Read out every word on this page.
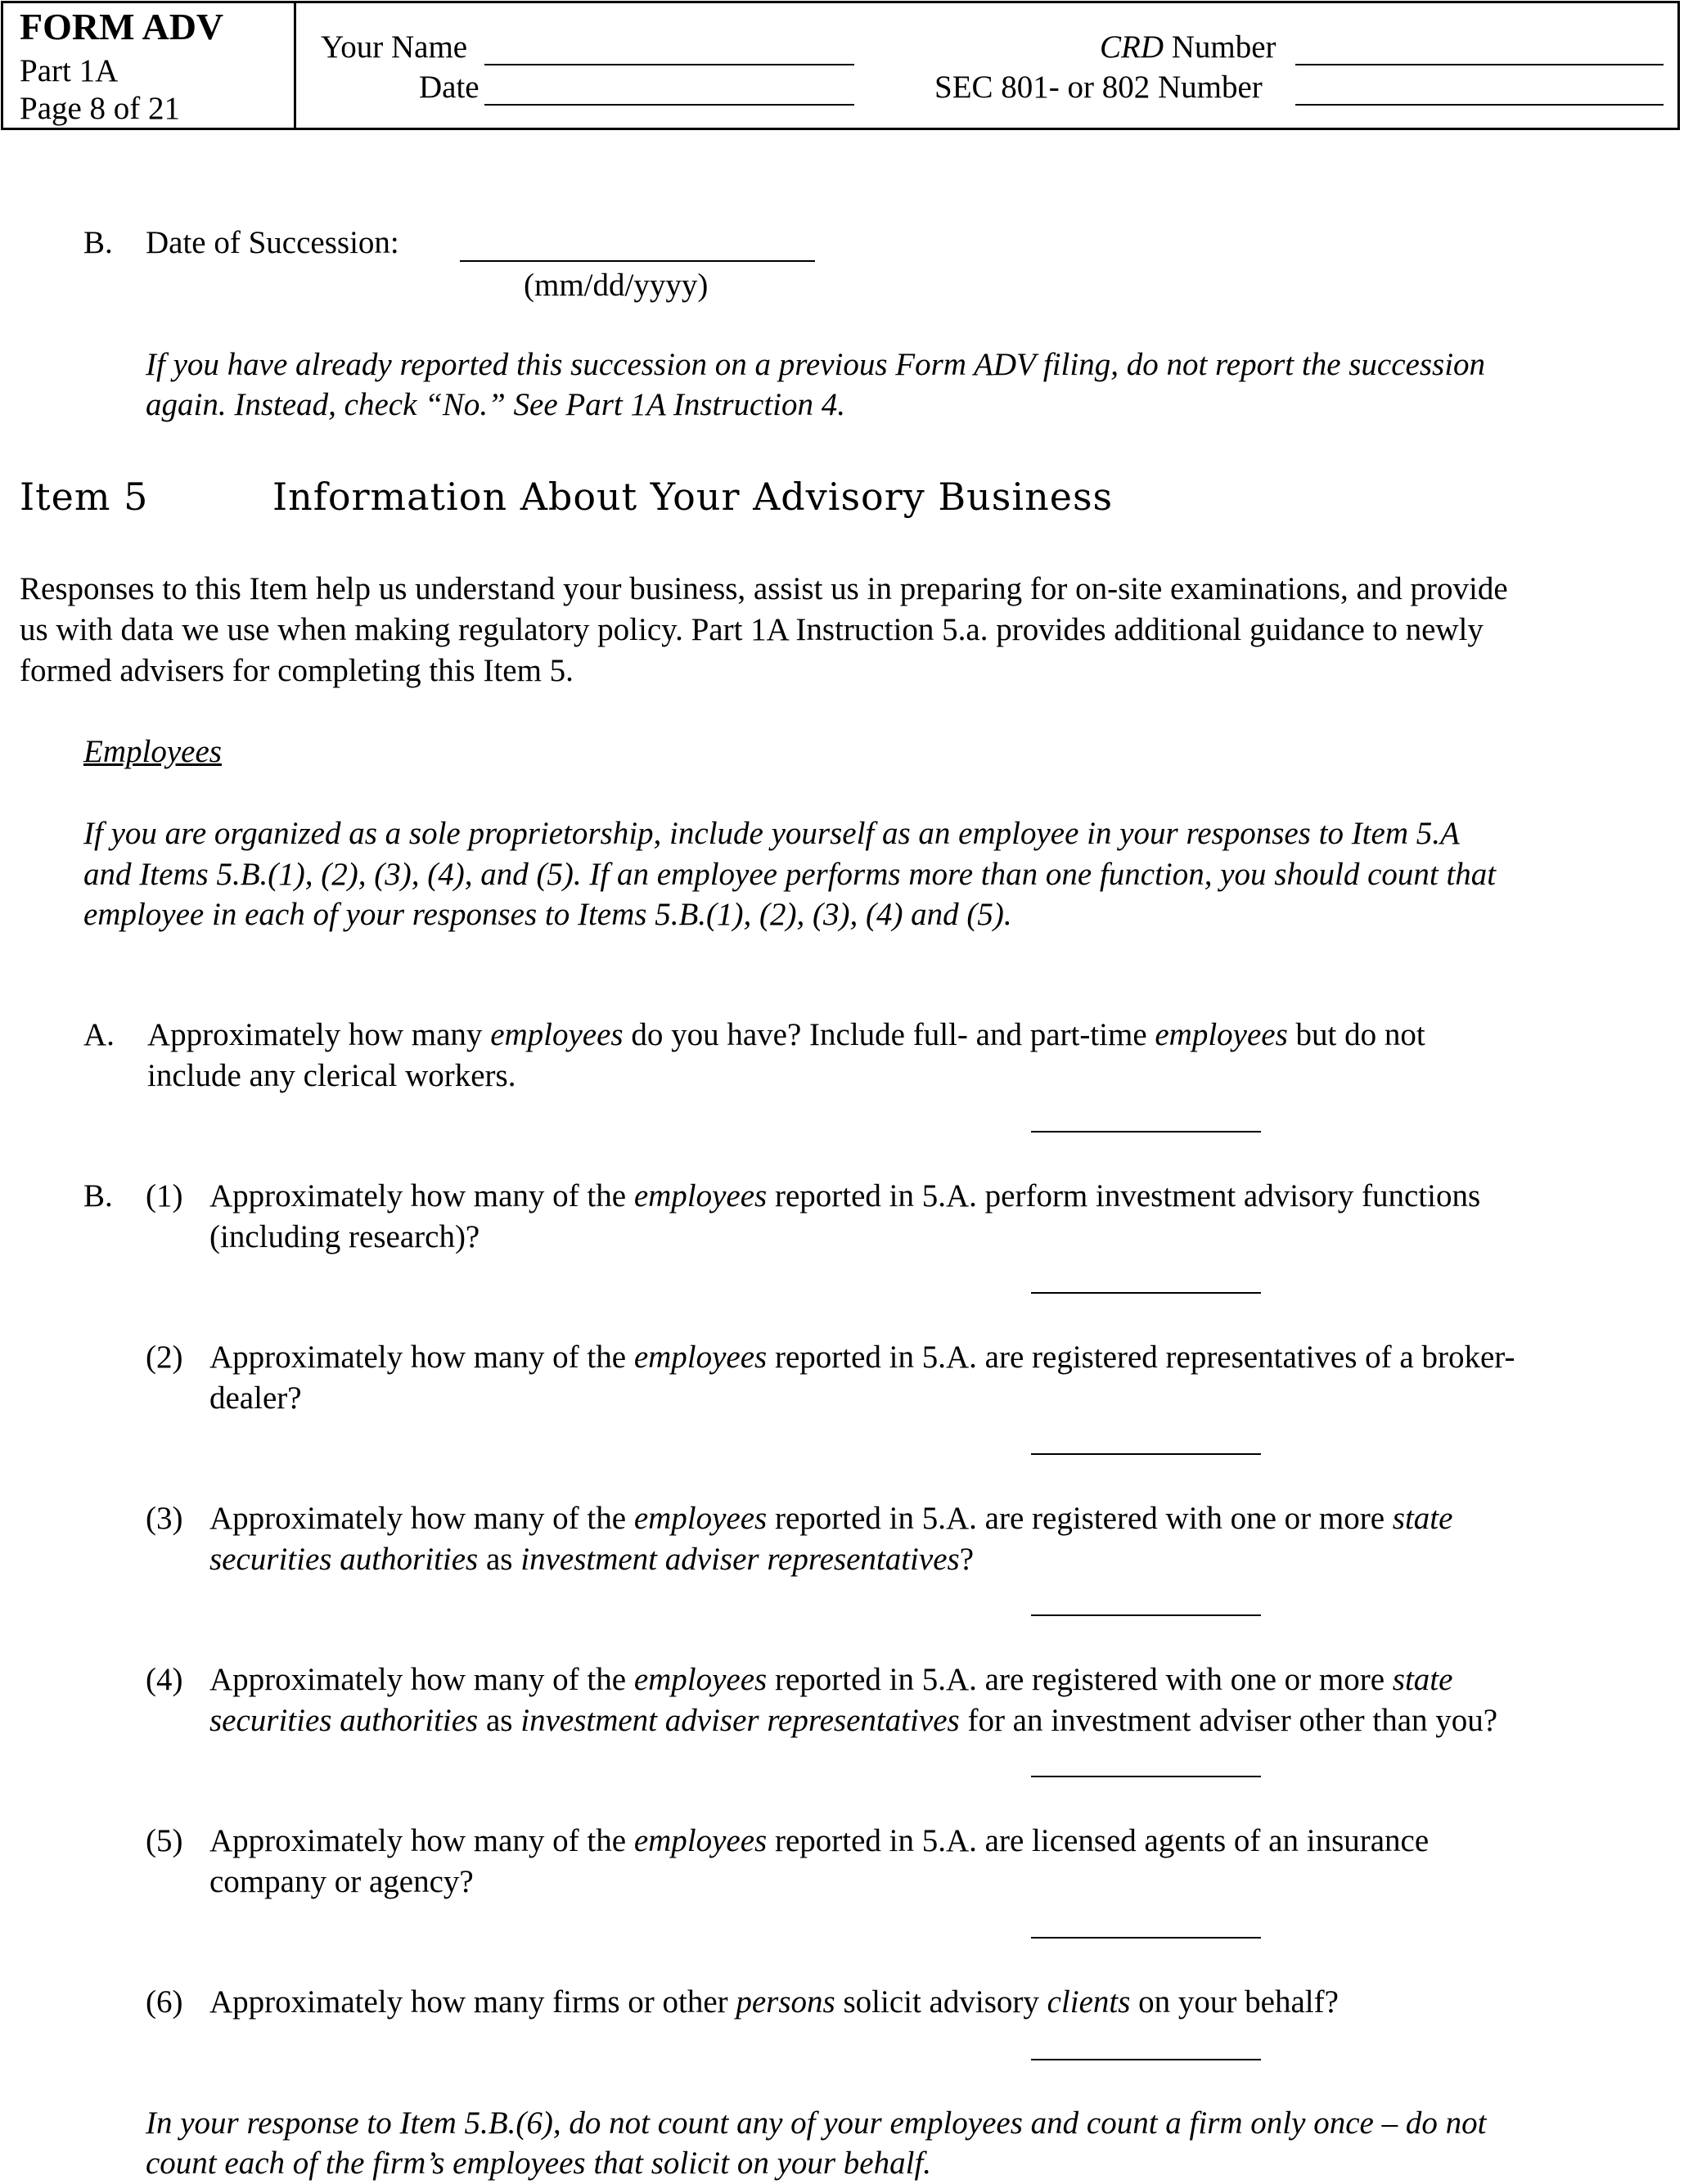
FORM ADV
Part 1A
Page 8 of 21
Your Name
Date
CRD Number
SEC 801- or 802 Number
B. Date of Succession:
(mm/dd/yyyy)
If you have already reported this succession on a previous Form ADV filing, do not report the succession
again. Instead, check “No.” See Part 1A Instruction 4.
Item 5	Information About Your Advisory Business
Responses to this Item help us understand your business, assist us in preparing for on-site examinations, and provide
us with data we use when making regulatory policy. Part 1A Instruction 5.a. provides additional guidance to newly
formed advisers for completing this Item 5.
Employees
If you are organized as a sole proprietorship, include yourself as an employee in your responses to Item 5.A
and Items 5.B.(1), (2), (3), (4), and (5). If an employee performs more than one function, you should count that
employee in each of your responses to Items 5.B.(1), (2), (3), (4) and (5).
A. Approximately how many employees do you have? Include full- and part-time employees but do not
include any clerical workers.
B. (1) Approximately how many of the employees reported in 5.A. perform investment advisory functions
(including research)?
(2) Approximately how many of the employees reported in 5.A. are registered representatives of a broker-
dealer?
(3) Approximately how many of the employees reported in 5.A. are registered with one or more state
securities authorities as investment adviser representatives?
(4) Approximately how many of the employees reported in 5.A. are registered with one or more state
securities authorities as investment adviser representatives for an investment adviser other than you?
(5) Approximately how many of the employees reported in 5.A. are licensed agents of an insurance
company or agency?
(6) Approximately how many firms or other persons solicit advisory clients on your behalf?
In your response to Item 5.B.(6), do not count any of your employees and count a firm only once – do not
count each of the firm’s employees that solicit on your behalf.
